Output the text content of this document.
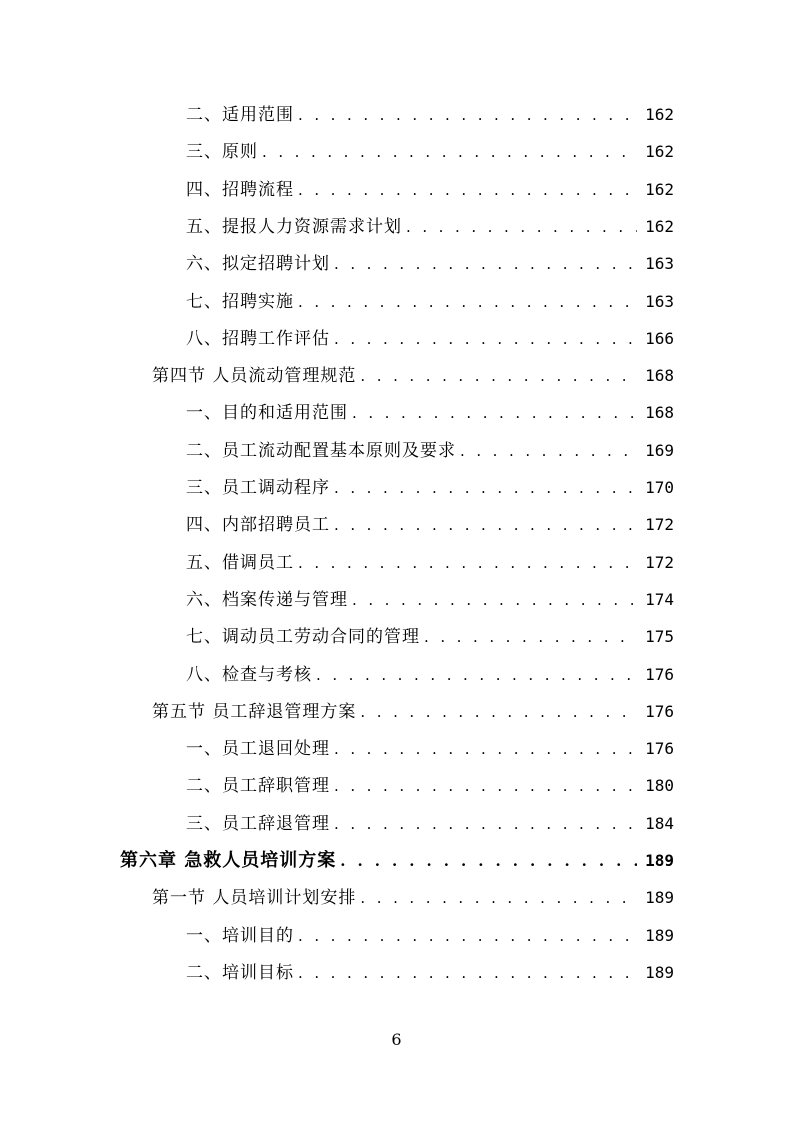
二、适用范围 . . .	162
三、原则 . . .	162
四、招聘流程 . . .	162
五、提报人力资源需求计划 . . .	162
六、拟定招聘计划 . . .	163
七、招聘实施 . . .	163
八、招聘工作评估 . . .	166
第四节 人员流动管理规范 . . .	168
一、目的和适用范围 . . .	168
二、员工流动配置基本原则及要求 . . .	169
三、员工调动程序 . . .	170
四、内部招聘员工 . . .	172
五、借调员工 . . .	172
六、档案传递与管理 . . .	174
七、调动员工劳动合同的管理 . . .	175
八、检查与考核 . . .	176
第五节 员工辞退管理方案 . . .	176
一、员工退回处理 . . .	176
二、员工辞职管理 . . .	180
三、员工辞退管理 . . .	184
第六章 急救人员培训方案 . . .	189
第一节 人员培训计划安排 . . .	189
一、培训目的 . . .	189
二、培训目标 . . .	189
6
